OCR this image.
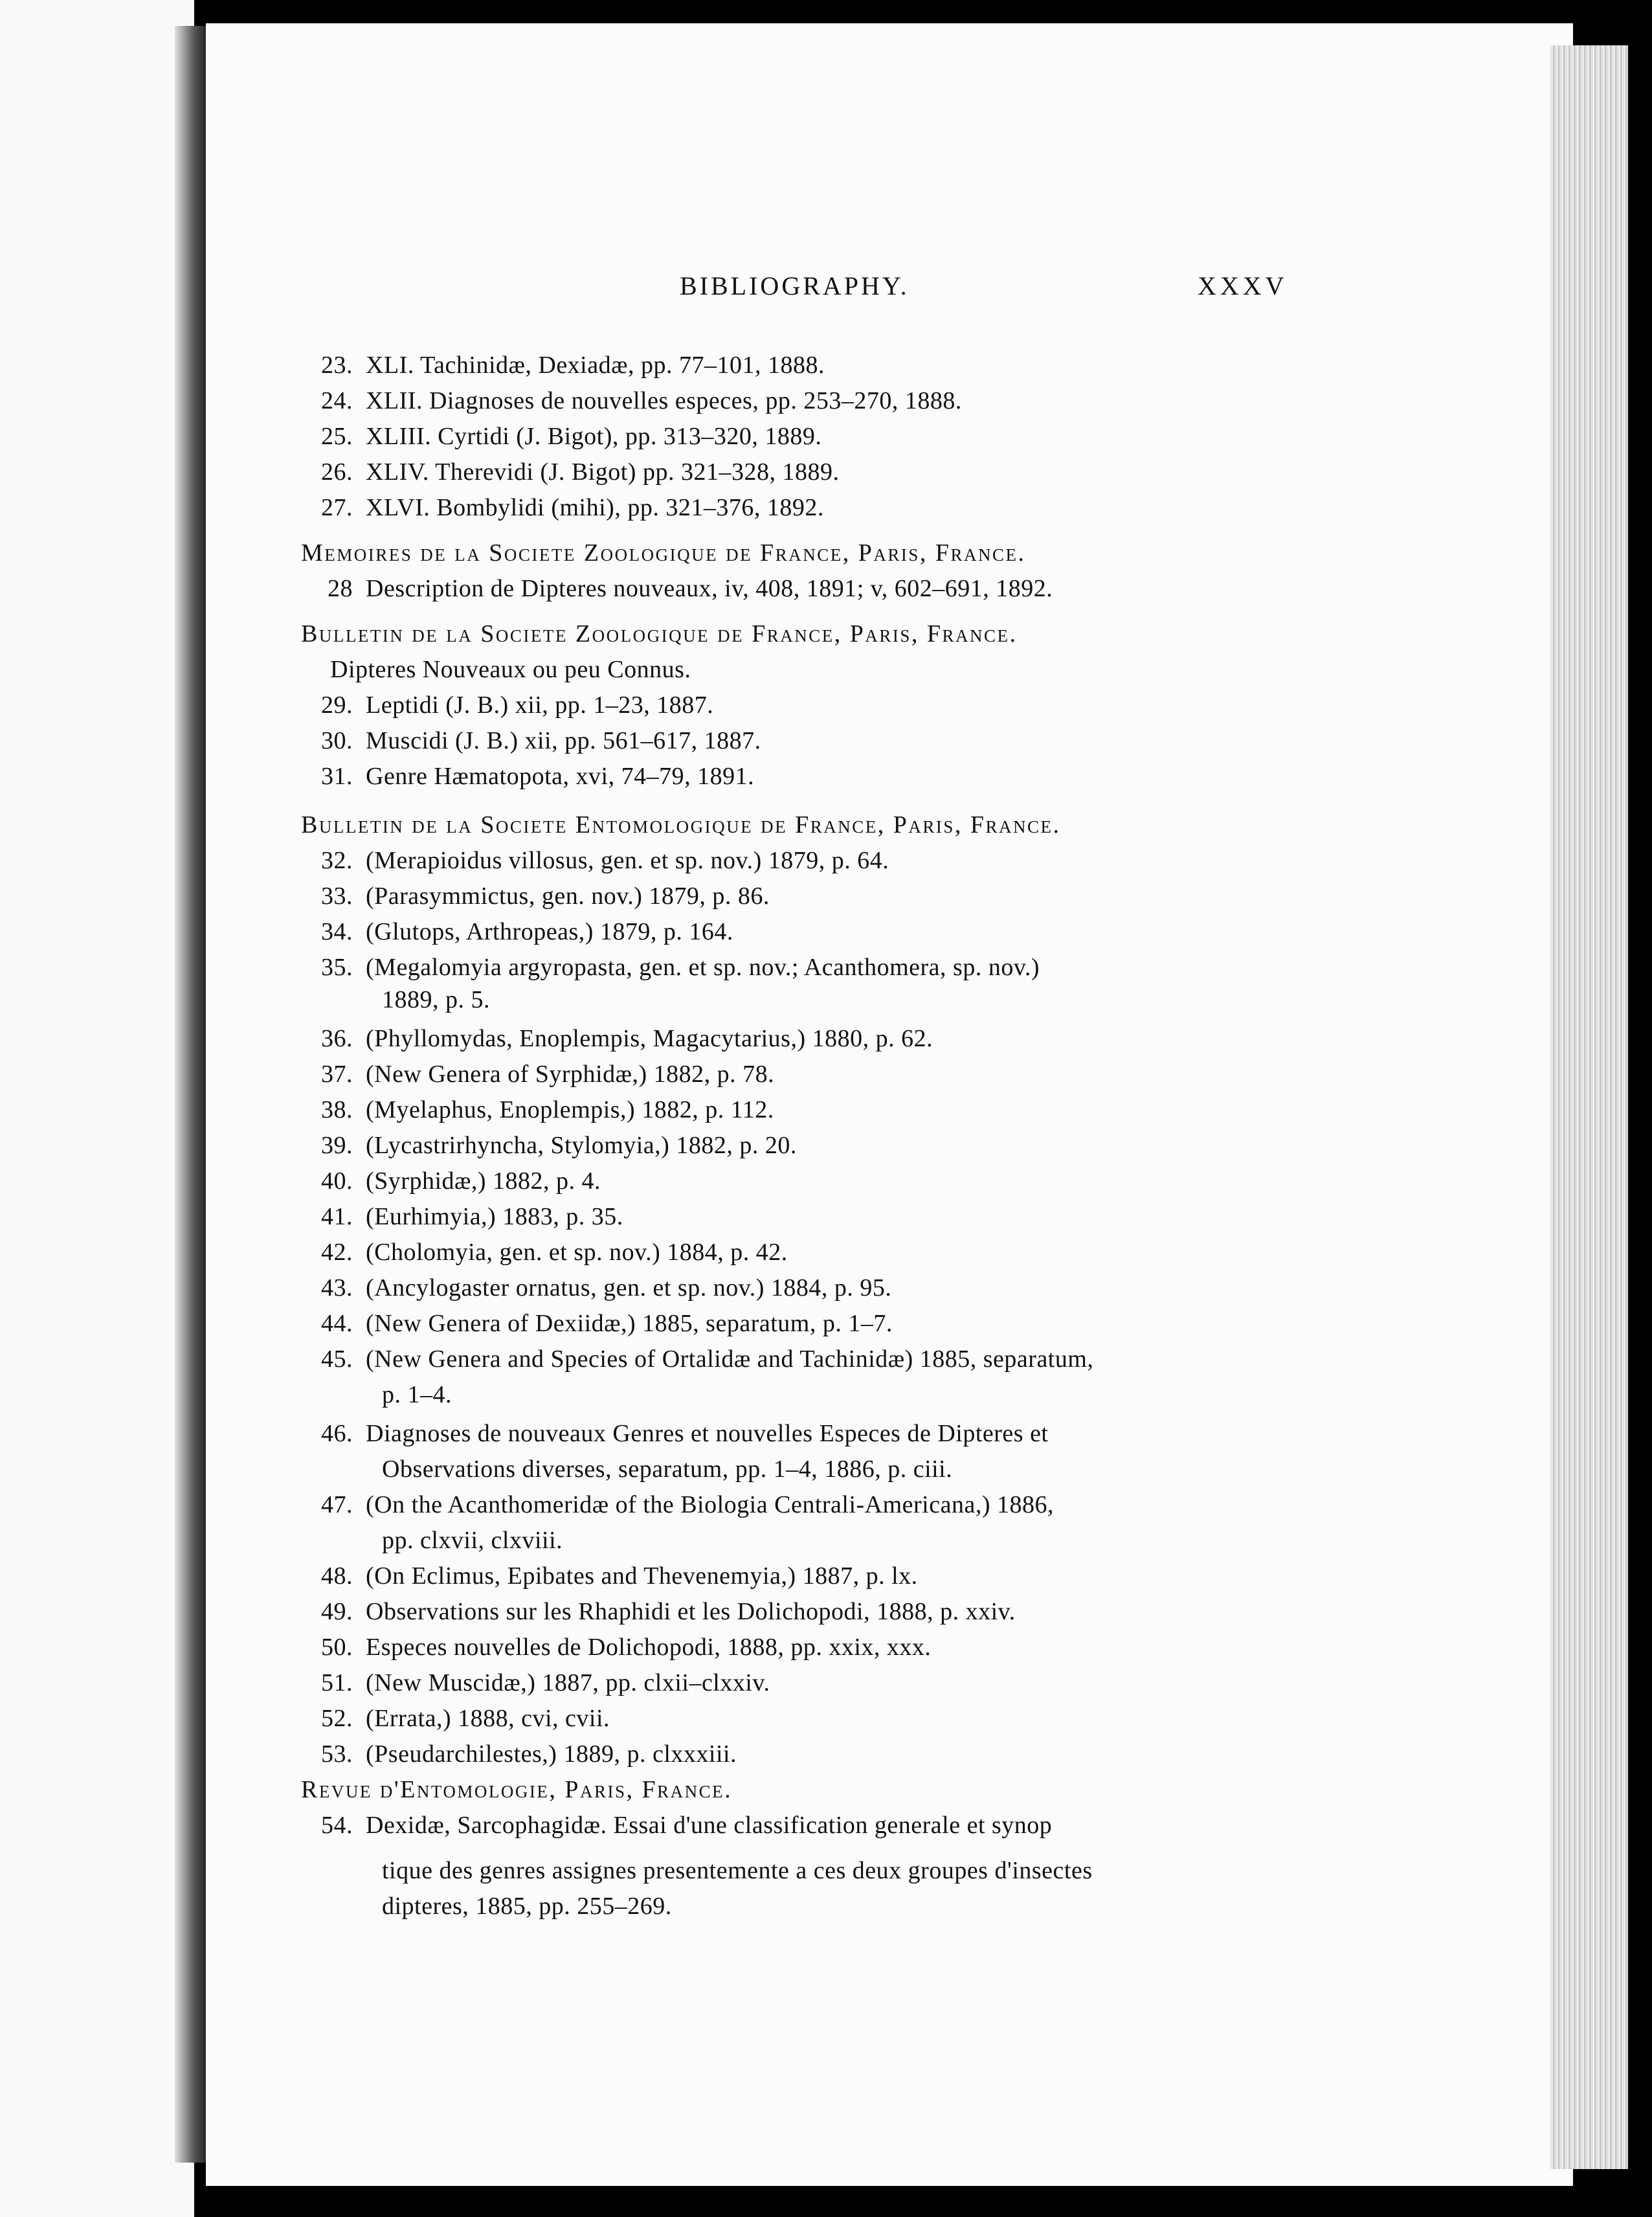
BIBLIOGRAPHY.	XXXV
23. XLI. Tachinidæ, Dexiadæ, pp. 77–101, 1888.
24. XLII. Diagnoses de nouvelles especes, pp. 253–270, 1888.
25. XLIII. Cyrtidi (J. Bigot), pp. 313–320, 1889.
26. XLIV. Therevidi (J. Bigot) pp. 321–328, 1889.
27. XLVI. Bombylidi (mihi), pp. 321–376, 1892.
Memoires de la Societe Zoologique de France, Paris, France.
28 Description de Dipteres nouveaux, iv, 408, 1891; v, 602–691, 1892.
Bulletin de la Societe Zoologique de France, Paris, France.
Dipteres Nouveaux ou peu Connus.
29. Leptidi (J. B.) xii, pp. 1–23, 1887.
30. Muscidi (J. B.) xii, pp. 561–617, 1887.
31. Genre Hæmatopota, xvi, 74–79, 1891.
Bulletin de la Societe Entomologique de France, Paris, France.
32. (Merapioidus villosus, gen. et sp. nov.) 1879, p. 64.
33. (Parasymmictus, gen. nov.) 1879, p. 86.
34. (Glutops, Arthropeas,) 1879, p. 164.
35. (Megalomyia argyropasta, gen. et sp. nov.; Acanthomera, sp. nov.)
1889, p. 5.
36. (Phyllomydas, Enoplempis, Magacytarius,) 1880, p. 62.
37. (New Genera of Syrphidæ,) 1882, p. 78.
38. (Myelaphus, Enoplempis,) 1882, p. 112.
39. (Lycastrirhyncha, Stylomyia,) 1882, p. 20.
40. (Syrphidæ,) 1882, p. 4.
41. (Eurhimyia,) 1883, p. 35.
42. (Cholomyia, gen. et sp. nov.) 1884, p. 42.
43. (Ancylogaster ornatus, gen. et sp. nov.) 1884, p. 95.
44. (New Genera of Dexiidæ,) 1885, separatum, p. 1–7.
45. (New Genera and Species of Ortalidæ and Tachinidæ) 1885, separatum,
p. 1–4.
46. Diagnoses de nouveaux Genres et nouvelles Especes de Dipteres et
Observations diverses, separatum, pp. 1–4, 1886, p. ciii.
47. (On the Acanthomeridæ of the Biologia Centrali-Americana,) 1886,
pp. clxvii, clxviii.
48. (On Eclimus, Epibates and Thevenemyia,) 1887, p. lx.
49. Observations sur les Rhaphidi et les Dolichopodi, 1888, p. xxiv.
50. Especes nouvelles de Dolichopodi, 1888, pp. xxix, xxx.
51. (New Muscidæ,) 1887, pp. clxii–clxxiv.
52. (Errata,) 1888, cvi, cvii.
53. (Pseudarchilestes,) 1889, p. clxxxiii.
Revue d'Entomologie, Paris, France.
54. Dexidæ, Sarcophagidæ. Essai d'une classification generale et synop
tique des genres assignes presentemente a ces deux groupes d'insectes
dipteres, 1885, pp. 255–269.
